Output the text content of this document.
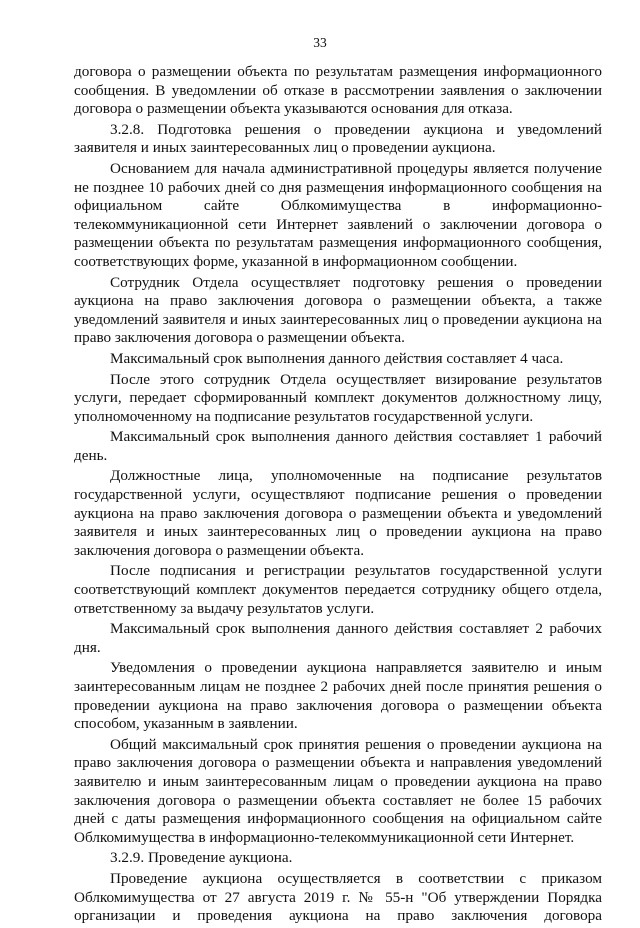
33

договора о размещении объекта по результатам размещения информационного сообщения. В уведомлении об отказе в рассмотрении заявления о заключении договора о размещении объекта указываются основания для отказа.

3.2.8. Подготовка решения о проведении аукциона и уведомлений заявителя и иных заинтересованных лиц о проведении аукциона.

Основанием для начала административной процедуры является получение не позднее 10 рабочих дней со дня размещения информационного сообщения на официальном сайте Облкомимущества в информационно-телекоммуникационной сети Интернет заявлений о заключении договора о размещении объекта по результатам размещения информационного сообщения, соответствующих форме, указанной в информационном сообщении.

Сотрудник Отдела осуществляет подготовку решения о проведении аукциона на право заключения договора о размещении объекта, а также уведомлений заявителя и иных заинтересованных лиц о проведении аукциона на право заключения договора о размещении объекта.

Максимальный срок выполнения данного действия составляет 4 часа.

После этого сотрудник Отдела осуществляет визирование результатов услуги, передает сформированный комплект документов должностному лицу, уполномоченному на подписание результатов государственной услуги.

Максимальный срок выполнения данного действия составляет 1 рабочий день.

Должностные лица, уполномоченные на подписание результатов государственной услуги, осуществляют подписание решения о проведении аукциона на право заключения договора о размещении объекта и уведомлений заявителя и иных заинтересованных лиц о проведении аукциона на право заключения договора о размещении объекта.

После подписания и регистрации результатов государственной услуги соответствующий комплект документов передается сотруднику общего отдела, ответственному за выдачу результатов услуги.

Максимальный срок выполнения данного действия составляет 2 рабочих дня.

Уведомления о проведении аукциона направляется заявителю и иным заинтересованным лицам не позднее 2 рабочих дней после принятия решения о проведении аукциона на право заключения договора о размещении объекта способом, указанным в заявлении.

Общий максимальный срок принятия решения о проведении аукциона на право заключения договора о размещении объекта и направления уведомлений заявителю и иным заинтересованным лицам о проведении аукциона на право заключения договора о размещении объекта составляет не более 15 рабочих дней с даты размещения информационного сообщения на официальном сайте Облкомимущества в информационно-телекоммуникационной сети Интернет.

3.2.9. Проведение аукциона.

Проведение аукциона осуществляется в соответствии с приказом Облкомимущества от 27 августа 2019 г. № 55-н "Об утверждении Порядка организации и проведения аукциона на право заключения договора
